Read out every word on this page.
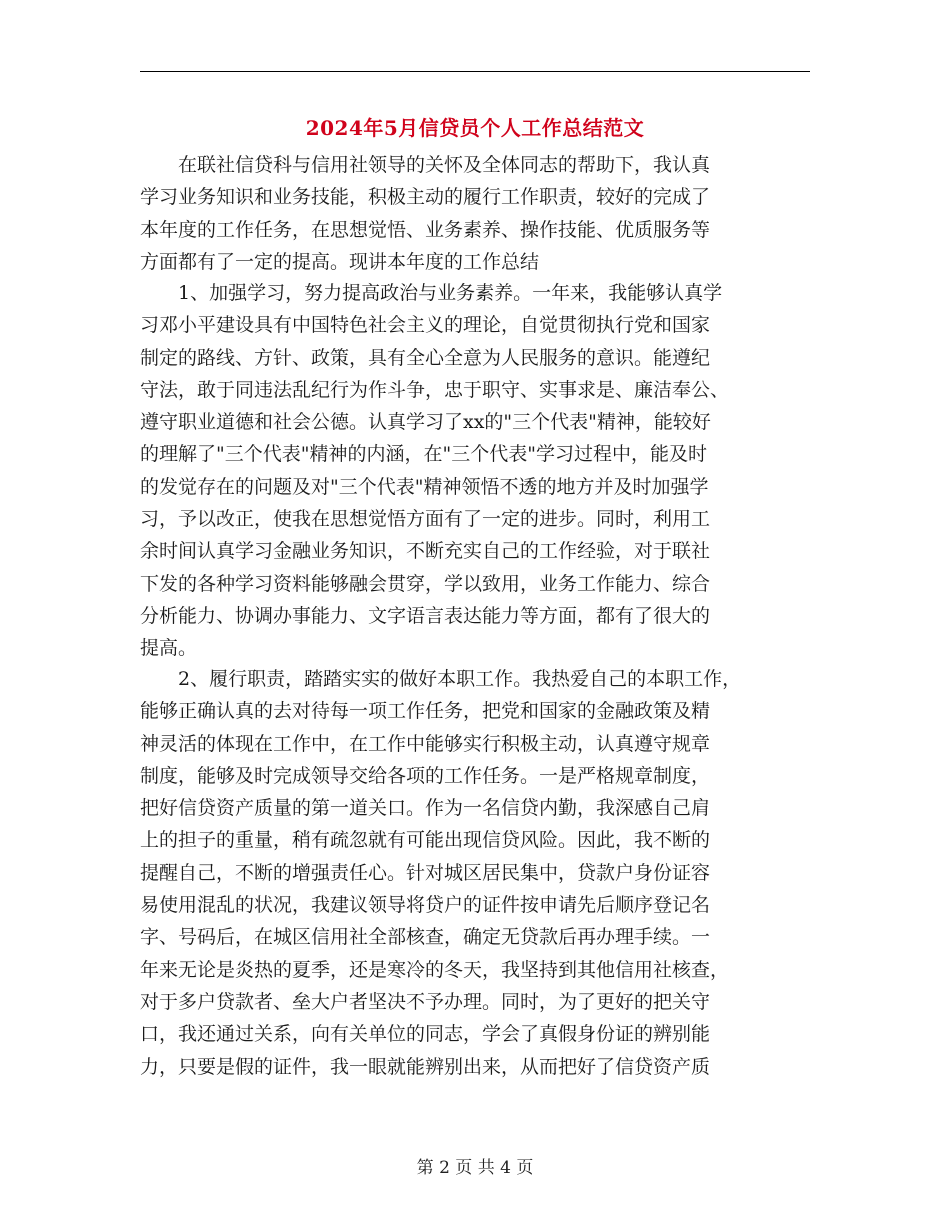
2024年5月信贷员个人工作总结范文

　　在联社信贷科与信用社领导的关怀及全体同志的帮助下，我认真
学习业务知识和业务技能，积极主动的履行工作职责，较好的完成了
本年度的工作任务，在思想觉悟、业务素养、操作技能、优质服务等
方面都有了一定的提高。现讲本年度的工作总结

　　1、加强学习，努力提高政治与业务素养。一年来，我能够认真学
习邓小平建设具有中国特色社会主义的理论，自觉贯彻执行党和国家
制定的路线、方针、政策，具有全心全意为人民服务的意识。能遵纪
守法，敢于同违法乱纪行为作斗争，忠于职守、实事求是、廉洁奉公、
遵守职业道德和社会公德。认真学习了xx的"三个代表"精神，能较好
的理解了"三个代表"精神的内涵，在"三个代表"学习过程中，能及时
的发觉存在的问题及对"三个代表"精神领悟不透的地方并及时加强学
习，予以改正，使我在思想觉悟方面有了一定的进步。同时，利用工
余时间认真学习金融业务知识，不断充实自己的工作经验，对于联社
下发的各种学习资料能够融会贯穿，学以致用，业务工作能力、综合
分析能力、协调办事能力、文字语言表达能力等方面，都有了很大的
提高。

　　2、履行职责，踏踏实实的做好本职工作。我热爱自己的本职工作，
能够正确认真的去对待每一项工作任务，把党和国家的金融政策及精
神灵活的体现在工作中，在工作中能够实行积极主动，认真遵守规章
制度，能够及时完成领导交给各项的工作任务。一是严格规章制度，
把好信贷资产质量的第一道关口。作为一名信贷内勤，我深感自己肩
上的担子的重量，稍有疏忽就有可能出现信贷风险。因此，我不断的
提醒自己，不断的增强责任心。针对城区居民集中，贷款户身份证容
易使用混乱的状况，我建议领导将贷户的证件按申请先后顺序登记名
字、号码后，在城区信用社全部核查，确定无贷款后再办理手续。一
年来无论是炎热的夏季，还是寒冷的冬天，我坚持到其他信用社核查，
对于多户贷款者、垒大户者坚决不予办理。同时，为了更好的把关守
口，我还通过关系，向有关单位的同志，学会了真假身份证的辨别能
力，只要是假的证件，我一眼就能辨别出来，从而把好了信贷资产质

第 2 页 共 4 页
